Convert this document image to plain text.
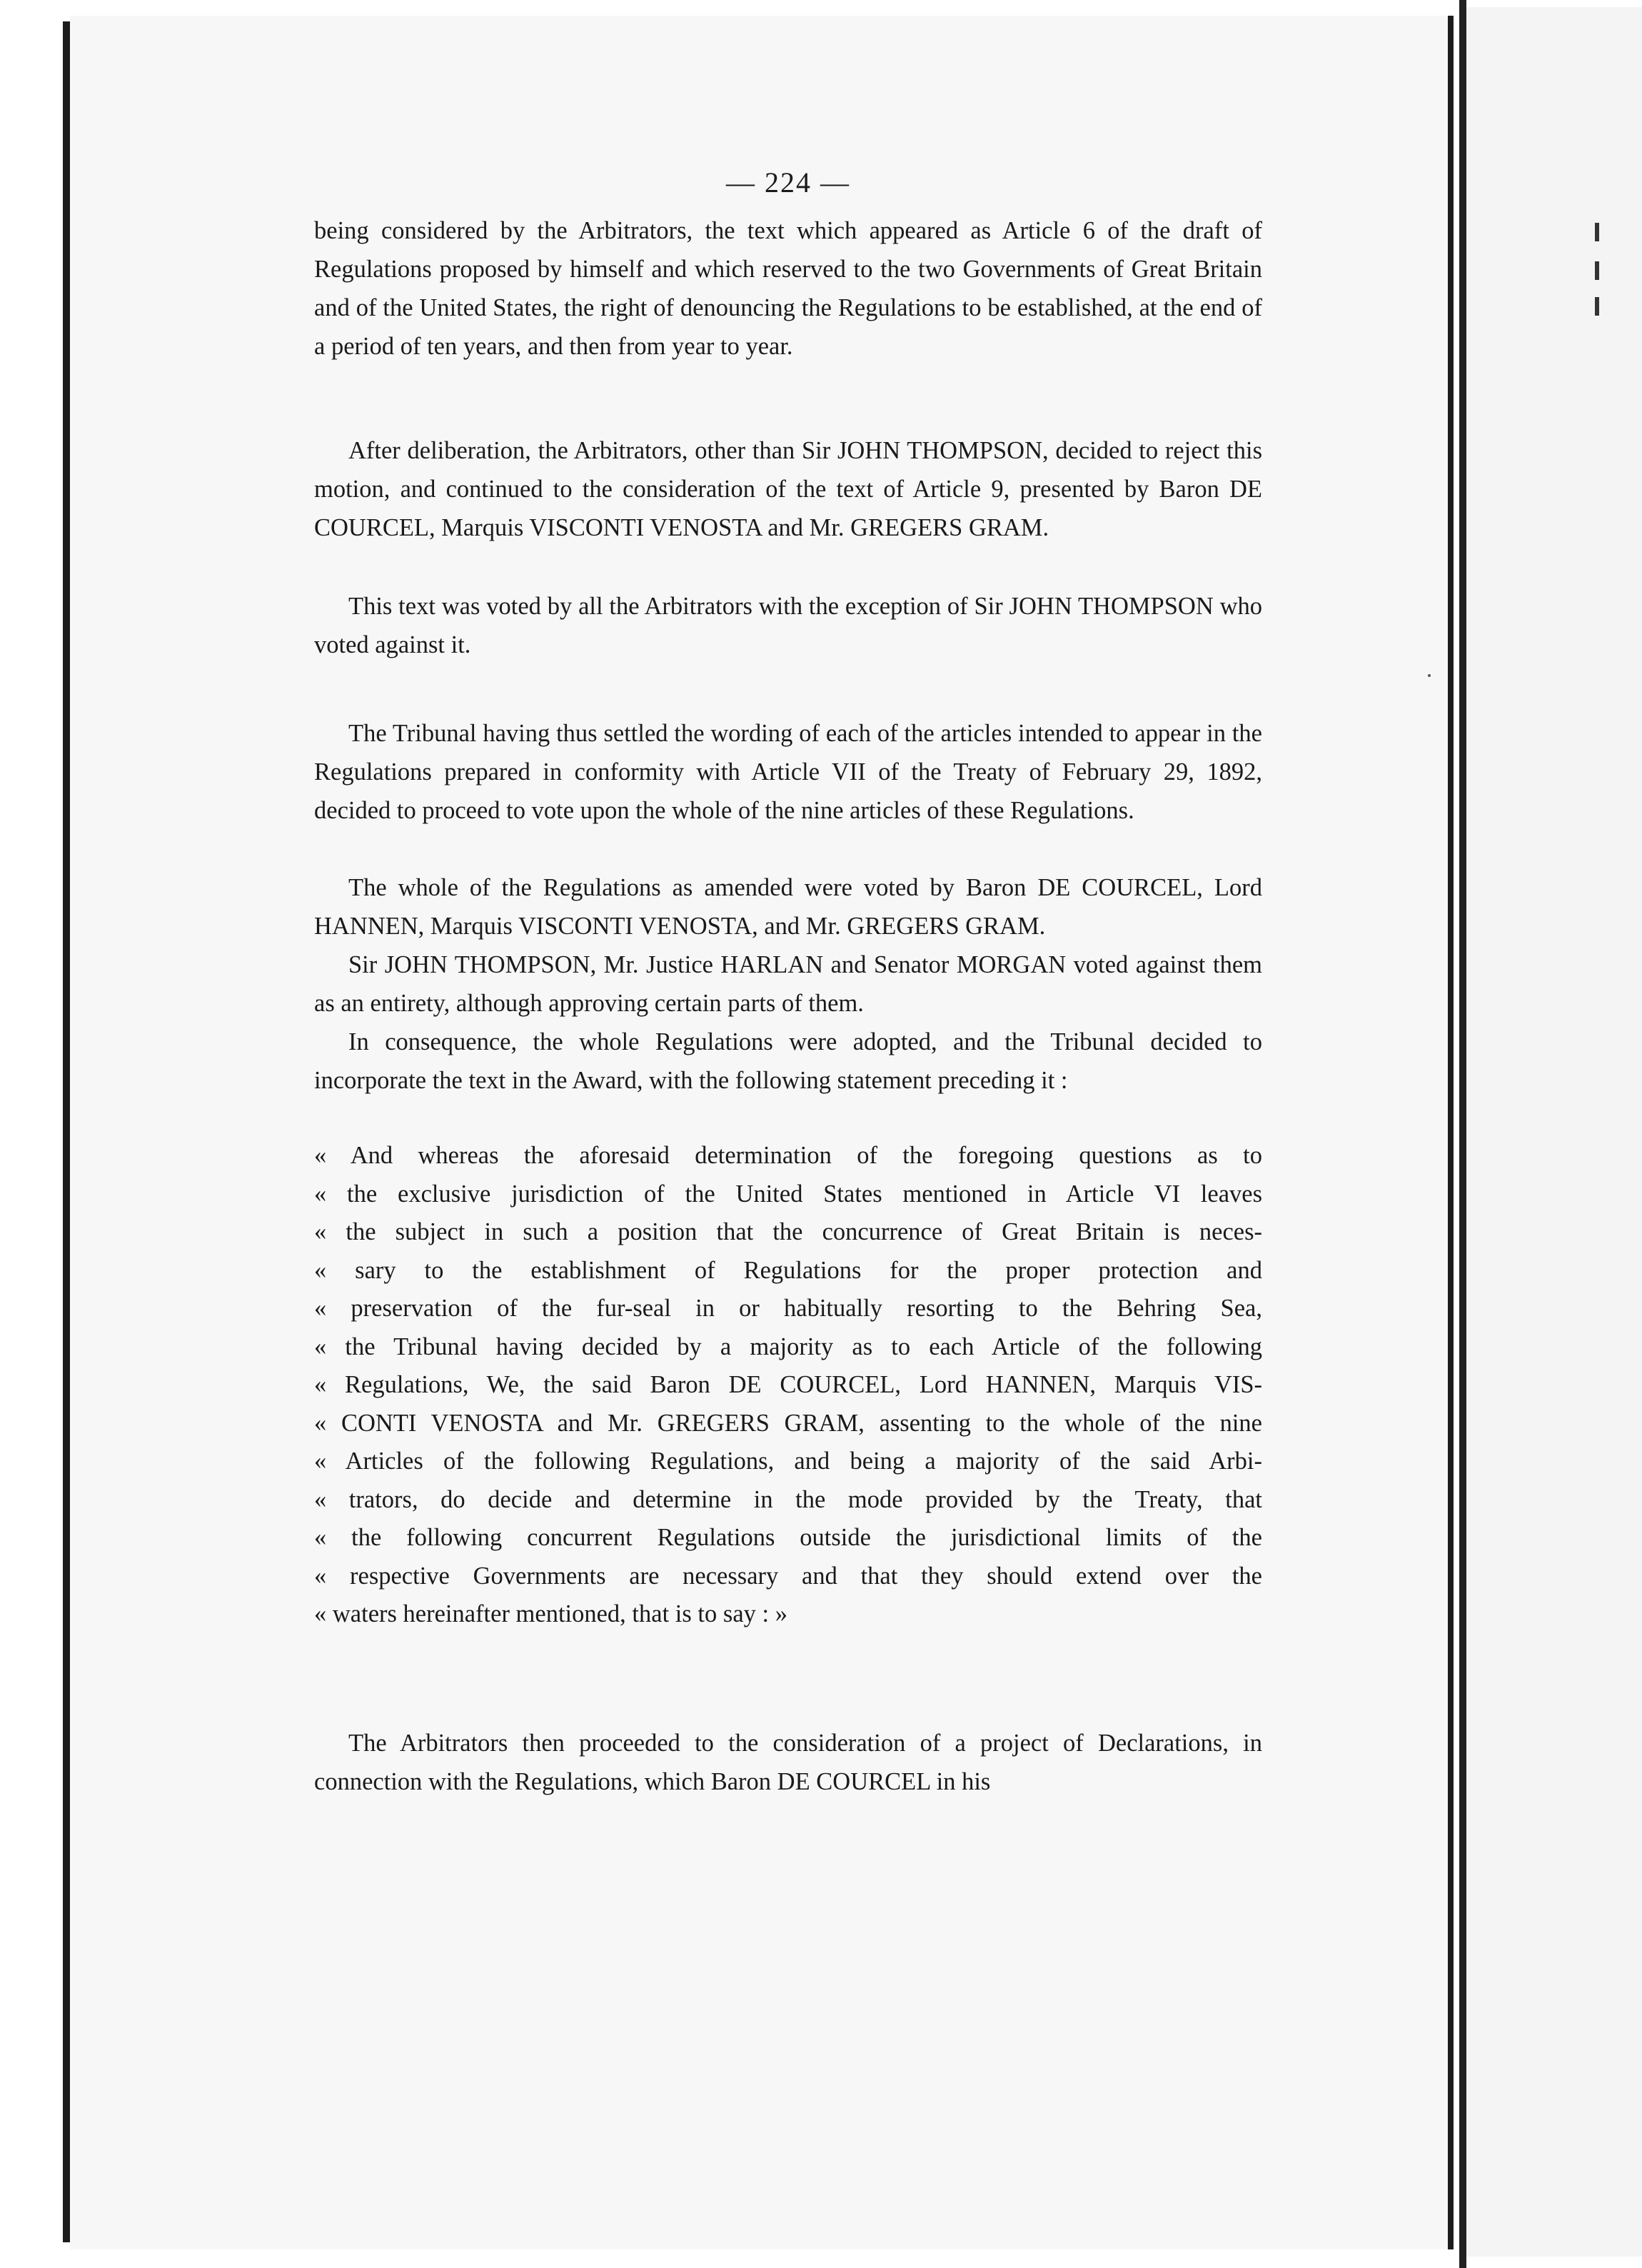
— 224 —

being considered by the Arbitrators, the text which appeared as Article 6 of the draft of Regulations proposed by himself and which reserved to the two Governments of Great Britain and of the United States, the right of denouncing the Regulations to be established, at the end of a period of ten years, and then from year to year.

After deliberation, the Arbitrators, other than Sir JOHN THOMPSON, decided to reject this motion, and continued to the consideration of the text of Article 9, presented by Baron DE COURCEL, Marquis VISCONTI VENOSTA and Mr. GREGERS GRAM.

This text was voted by all the Arbitrators with the exception of Sir JOHN THOMPSON who voted against it.

The Tribunal having thus settled the wording of each of the articles intended to appear in the Regulations prepared in conformity with Article VII of the Treaty of February 29, 1892, decided to proceed to vote upon the whole of the nine articles of these Regulations.

The whole of the Regulations as amended were voted by Baron DE COURCEL, Lord HANNEN, Marquis VISCONTI VENOSTA, and Mr. GREGERS GRAM.

Sir JOHN THOMPSON, Mr. Justice HARLAN and Senator MORGAN voted against them as an entirety, although approving certain parts of them.

In consequence, the whole Regulations were adopted, and the Tribunal decided to incorporate the text in the Award, with the following statement preceding it :

« And whereas the aforesaid determination of the foregoing questions as to
« the exclusive jurisdiction of the United States mentioned in Article VI leaves
« the subject in such a position that the concurrence of Great Britain is neces-
« sary to the establishment of Regulations for the proper protection and
« preservation of the fur-seal in or habitually resorting to the Behring Sea,
« the Tribunal having decided by a majority as to each Article of the following
« Regulations, We, the said Baron DE COURCEL, Lord HANNEN, Marquis VIS-
« CONTI VENOSTA and Mr. GREGERS GRAM, assenting to the whole of the nine
« Articles of the following Regulations, and being a majority of the said Arbi-
« trators, do decide and determine in the mode provided by the Treaty, that
« the following concurrent Regulations outside the jurisdictional limits of the
« respective Governments are necessary and that they should extend over the
« waters hereinafter mentioned, that is to say : »

The Arbitrators then proceeded to the consideration of a project of Declarations, in connection with the Regulations, which Baron DE COURCEL in his
